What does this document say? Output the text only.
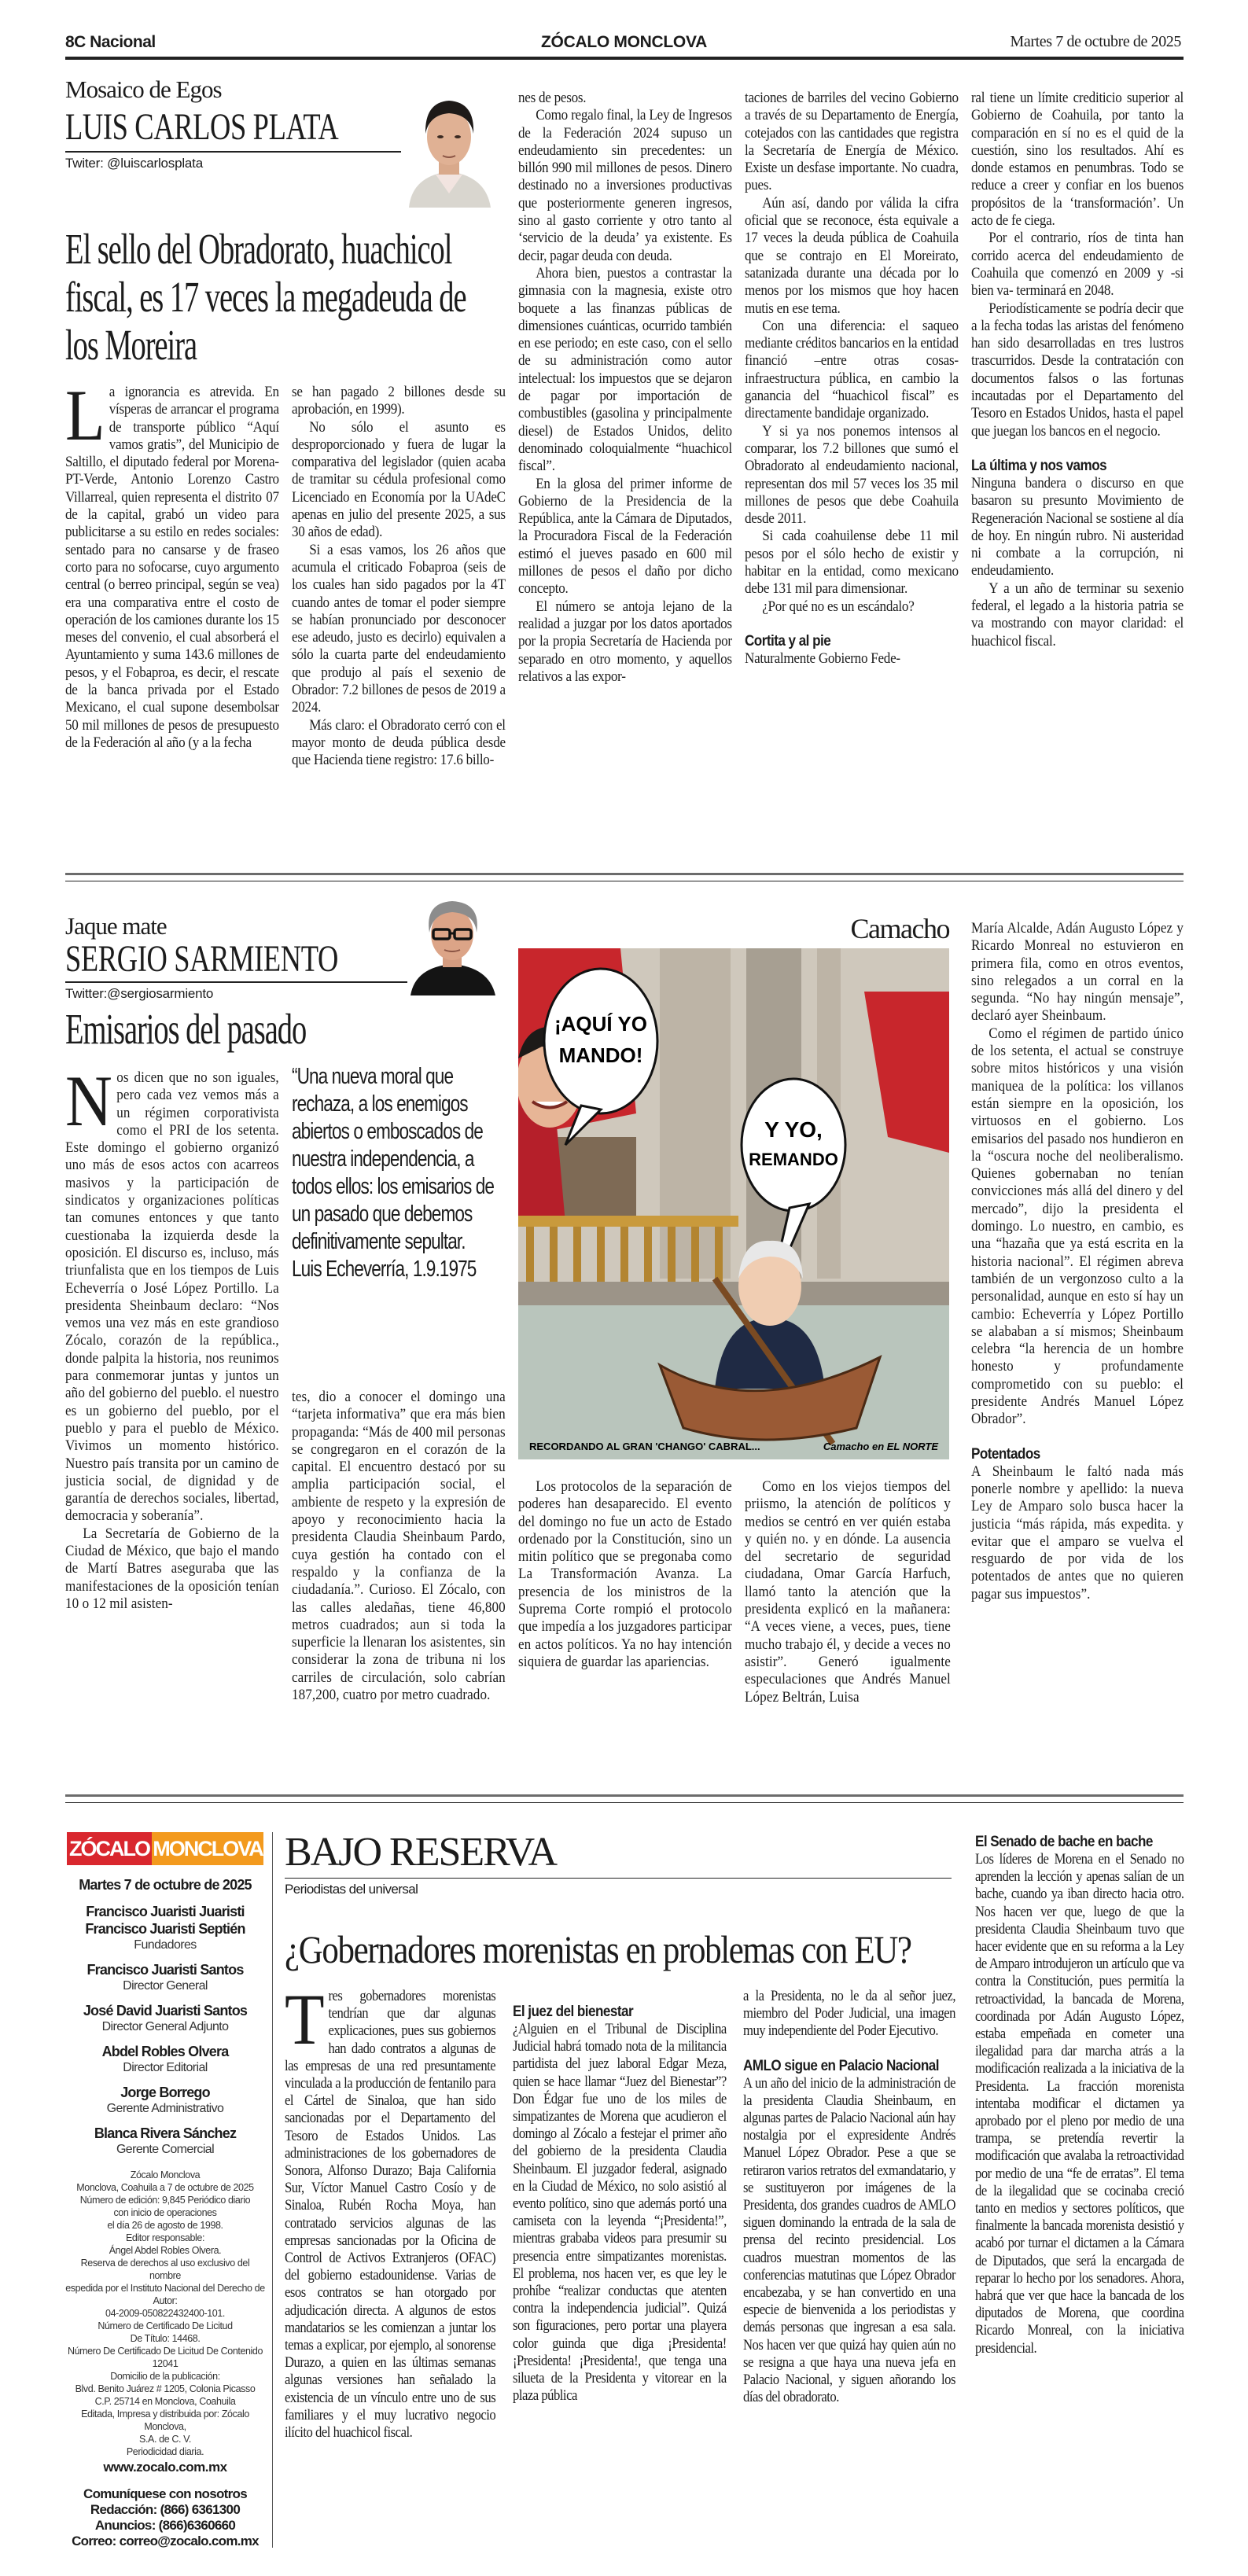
8C Nacional	ZÓCALO MONCLOVA	Martes 7 de octubre de 2025
Mosaico de Egos
LUIS CARLOS PLATA
Twiter: @luiscarlosplata
El sello del Obradorato, huachicol fiscal, es 17 veces la megadeuda de los Moreira

La ignorancia es atrevida. En vísperas de arrancar el programa de transporte público “Aquí vamos gratis”, del Municipio de Saltillo, el diputado federal por Morena-PT-Verde, Antonio Lorenzo Castro Villarreal, quien representa el distrito 07 de la capital, grabó un video para publicitarse a su estilo en redes sociales: sentado para no cansarse y de fraseo corto para no sofocarse, cuyo argumento central (o berreo principal, según se vea) era una comparativa entre el costo de operación de los camiones durante los 15 meses del convenio, el cual absorberá el Ayuntamiento y suma 143.6 millones de pesos, y el Fobaproa, es decir, el rescate de la banca privada por el Estado Mexicano, el cual supone desembolsar 50 mil millones de pesos de presupuesto de la Federación al año (y a la fecha

se han pagado 2 billones desde su aprobación, en 1999).

No sólo el asunto es desproporcionado y fuera de lugar la comparativa del legislador (quien acaba de tramitar su cédula profesional como Licenciado en Economía por la UAdeC apenas en julio del presente 2025, a sus 30 años de edad).

Si a esas vamos, los 26 años que acumula el criticado Fobaproa (seis de los cuales han sido pagados por la 4T cuando antes de tomar el poder siempre se habían pronunciado por desconocer ese adeudo, justo es decirlo) equivalen a sólo la cuarta parte del endeudamiento que produjo al país el sexenio de Obrador: 7.2 billones de pesos de 2019 a 2024.

Más claro: el Obradorato cerró con el mayor monto de deuda pública desde que Hacienda tiene registro: 17.6 billo-

nes de pesos.

Como regalo final, la Ley de Ingresos de la Federación 2024 supuso un endeudamiento sin precedentes: un billón 990 mil millones de pesos. Dinero destinado no a inversiones productivas que posteriormente generen ingresos, sino al gasto corriente y otro tanto al ‘servicio de la deuda’ ya existente. Es decir, pagar deuda con deuda.

Ahora bien, puestos a contrastar la gimnasia con la magnesia, existe otro boquete a las finanzas públicas de dimensiones cuánticas, ocurrido también en ese periodo; en este caso, con el sello de su administración como autor intelectual: los impuestos que se dejaron de pagar por importación de combustibles (gasolina y principalmente diesel) de Estados Unidos, delito denominado coloquialmente “huachicol fiscal”.

En la glosa del primer informe de Gobierno de la Presidencia de la República, ante la Cámara de Diputados, la Procuradora Fiscal de la Federación estimó el jueves pasado en 600 mil millones de pesos el daño por dicho concepto.

El número se antoja lejano de la realidad a juzgar por los datos aportados por la propia Secretaría de Hacienda por separado en otro momento, y aquellos relativos a las expor-

taciones de barriles del vecino Gobierno a través de su Departamento de Energía, cotejados con las cantidades que registra la Secretaría de Energía de México. Existe un desfase importante. No cuadra, pues.

Aún así, dando por válida la cifra oficial que se reconoce, ésta equivale a 17 veces la deuda pública de Coahuila que se contrajo en El Moreirato, satanizada durante una década por lo menos por los mismos que hoy hacen mutis en ese tema.

Con una diferencia: el saqueo mediante créditos bancarios en la entidad financió –entre otras cosas- infraestructura pública, en cambio la ganancia del “huachicol fiscal” es directamente bandidaje organizado.

Y si ya nos ponemos intensos al comparar, los 7.2 billones que sumó el Obradorato al endeudamiento nacional, representan dos mil 57 veces los 35 mil millones de pesos que debe Coahuila desde 2011.

Si cada coahuilense debe 11 mil pesos por el sólo hecho de existir y habitar en la entidad, como mexicano debe 131 mil para dimensionar.

¿Por qué no es un escándalo?

Cortita y al pie

Naturalmente Gobierno Fede-

ral tiene un límite crediticio superior al Gobierno de Coahuila, por tanto la comparación en sí no es el quid de la cuestión, sino los resultados. Ahí es donde estamos en penumbras. Todo se reduce a creer y confiar en los buenos propósitos de la ‘transformación’. Un acto de fe ciega.

Por el contrario, ríos de tinta han corrido acerca del endeudamiento de Coahuila que comenzó en 2009 y -si bien va- terminará en 2048.

Periodísticamente se podría decir que a la fecha todas las aristas del fenómeno han sido desarrolladas en tres lustros trascurridos. Desde la contratación con documentos falsos o las fortunas incautadas por el Departamento del Tesoro en Estados Unidos, hasta el papel que juegan los bancos en el negocio.

La última y nos vamos

Ninguna bandera o discurso en que basaron su presunto Movimiento de Regeneración Nacional se sostiene al día de hoy. En ningún rubro. Ni austeridad ni combate a la corrupción, ni endeudamiento.

Y a un año de terminar su sexenio federal, el legado a la historia patria se va mostrando con mayor claridad: el huachicol fiscal.

Jaque mate
SERGIO SARMIENTO
Twitter:@sergiosarmiento
Emisarios del pasado

Nos dicen que no son iguales, pero cada vez vemos más a un régimen corporativista como el PRI de los setenta. Este domingo el gobierno organizó uno más de esos actos con acarreos masivos y la participación de sindicatos y organizaciones políticas tan comunes entonces y que tanto cuestionaba la izquierda desde la oposición. El discurso es, incluso, más triunfalista que en los tiempos de Luis Echeverría o José López Portillo. La presidenta Sheinbaum declaro: “Nos vemos una vez más en este grandioso Zócalo, corazón de la república., donde palpita la historia, nos reunimos para conmemorar juntas y juntos un año del gobierno del pueblo. el nuestro es un gobierno del pueblo, por el pueblo y para el pueblo de México. Vivimos un momento histórico. Nuestro país transita por un camino de justicia social, de dignidad y de garantía de derechos sociales, libertad, democracia y soberanía”.

La Secretaría de Gobierno de la Ciudad de México, que bajo el mando de Martí Batres aseguraba que las manifestaciones de la oposición tenían 10 o 12 mil asisten-

“Una nueva moral que rechaza, a los enemigos abiertos o emboscados de nuestra independencia, a todos ellos: los emisarios de un pasado que debemos definitivamente sepultar.
Luis Echeverría, 1.9.1975

tes, dio a conocer el domingo una “tarjeta informativa” que era más bien propaganda: “Más de 400 mil personas se congregaron en el corazón de la capital. El encuentro destacó por su amplia participación social, el ambiente de respeto y la expresión de apoyo y reconocimiento hacia la presidenta Claudia Sheinbaum Pardo, cuya gestión ha contado con el respaldo y la confianza de la ciudadanía.”. Curioso. El Zócalo, con las calles aledañas, tiene 46,800 metros cuadrados; aun si toda la superficie la llenaran los asistentes, sin considerar la zona de tribuna ni los carriles de circulación, solo cabrían 187,200, cuatro por metro cuadrado.

Camacho
¡AQUÍ YO
MANDO!
Y YO,
REMANDO
RECORDANDO AL GRAN 'CHANGO' CABRAL...	Camacho en EL NORTE

Los protocolos de la separación de poderes han desaparecido. El evento del domingo no fue un acto de Estado ordenado por la Constitución, sino un mitin político que se pregonaba como La Transformación Avanza. La presencia de los ministros de la Suprema Corte rompió el protocolo que impedía a los juzgadores participar en actos políticos. Ya no hay intención siquiera de guardar las apariencias.

Como en los viejos tiempos del priismo, la atención de políticos y medios se centró en ver quién estaba y quién no. y en dónde. La ausencia del secretario de seguridad ciudadana, Omar García Harfuch, llamó tanto la atención que la presidenta explicó en la mañanera: “A veces viene, a veces, pues, tiene mucho trabajo él, y decide a veces no asistir”. Generó igualmente especulaciones que Andrés Manuel López Beltrán, Luisa

María Alcalde, Adán Augusto López y Ricardo Monreal no estuvieron en primera fila, como en otros eventos, sino relegados a un corral en la segunda. “No hay ningún mensaje”, declaró ayer Sheinbaum.

Como el régimen de partido único de los setenta, el actual se construye sobre mitos históricos y una visión maniquea de la política: los villanos están siempre en la oposición, los virtuosos en el gobierno. Los emisarios del pasado nos hundieron en la “oscura noche del neoliberalismo. Quienes gobernaban no tenían convicciones más allá del dinero y del mercado”, dijo la presidenta el domingo. Lo nuestro, en cambio, es una “hazaña que ya está escrita en la historia nacional”. El régimen abreva también de un vergonzoso culto a la personalidad, aunque en esto sí hay un cambio: Echeverría y López Portillo se alababan a sí mismos; Sheinbaum celebra “la herencia de un hombre honesto y profundamente comprometido con su pueblo: el presidente Andrés Manuel López Obrador”.

Potentados

A Sheinbaum le faltó nada más ponerle nombre y apellido: la nueva Ley de Amparo solo busca hacer la justicia “más rápida, más expedita. y evitar que el amparo se vuelva el resguardo de por vida de los potentados de antes que no quieren pagar sus impuestos”.

ZÓCALO MONCLOVA
Martes 7 de octubre de 2025
Francisco Juaristi Juaristi
Francisco Juaristi Septién
Fundadores
Francisco Juaristi Santos
Director General
José David Juaristi Santos
Director General Adjunto
Abdel Robles Olvera
Director Editorial
Jorge Borrego
Gerente Administrativo
Blanca Rivera Sánchez
Gerente Comercial
Zócalo Monclova
Monclova, Coahuila a 7 de octubre de 2025
Número de edición: 9,845 Periódico diario
con inicio de operaciones
el día 26 de agosto de 1998.
Editor responsable:
Ángel Abdel Robles Olvera.
Reserva de derechos al uso exclusivo del nombre
espedida por el Instituto Nacional del Derecho de
Autor:
04-2009-050822432400-101.
Número de Certificado De Licitud
De Título: 14468.
Número De Certificado De Licitud De Contenido
12041
Domicilio de la publicación:
Blvd. Benito Juárez # 1205, Colonia Picasso
C.P. 25714 en Monclova, Coahuila
Editada, Impresa y distribuida por: Zócalo Monclova,
S.A. de C. V.
Periodicidad diaria.
www.zocalo.com.mx
Comuníquese con nosotros
Redacción: (866) 6361300
Anuncios: (866)6360660
Correo: correo@zocalo.com.mx
BAJO RESERVA
Periodistas del universal
¿Gobernadores morenistas en problemas con EU?

Tres gobernadores morenistas tendrían que dar algunas explicaciones, pues sus gobiernos han dado contratos a algunas de las empresas de una red presuntamente vinculada a la producción de fentanilo para el Cártel de Sinaloa, que han sido sancionadas por el Departamento del Tesoro de Estados Unidos. Las administraciones de los gobernadores de Sonora, Alfonso Durazo; Baja California Sur, Víctor Manuel Castro Cosío y de Sinaloa, Rubén Rocha Moya, han contratado servicios algunas de las empresas sancionadas por la Oficina de Control de Activos Extranjeros (OFAC) del gobierno estadounidense. Varias de esos contratos se han otorgado por adjudicación directa. A algunos de estos mandatarios se les comienzan a juntar los temas a explicar, por ejemplo, al sonorense Durazo, a quien en las últimas semanas algunas versiones han señalado la existencia de un vínculo entre uno de sus familiares y el muy lucrativo negocio ilícito del huachicol fiscal.

El juez del bienestar

¿Alguien en el Tribunal de Disciplina Judicial habrá tomado nota de la militancia partidista del juez laboral Edgar Meza, quien se hace llamar “Juez del Bienestar”? Don Édgar fue uno de los miles de simpatizantes de Morena que acudieron el domingo al Zócalo a festejar el primer año del gobierno de la presidenta Claudia Sheinbaum. El juzgador federal, asignado en la Ciudad de México, no solo asistió al evento político, sino que además portó una camiseta con la leyenda “¡Presidenta!”, mientras grababa videos para presumir su presencia entre simpatizantes morenistas. El problema, nos hacen ver, es que ley le prohíbe “realizar conductas que atenten contra la independencia judicial”. Quizá son figuraciones, pero portar una playera color guinda que diga ¡Presidenta! ¡Presidenta! ¡Presidenta!, que tenga una silueta de la Presidenta y vitorear en la plaza pública

a la Presidenta, no le da al señor juez, miembro del Poder Judicial, una imagen muy independiente del Poder Ejecutivo.

AMLO sigue en Palacio Nacional

A un año del inicio de la administración de la presidenta Claudia Sheinbaum, en algunas partes de Palacio Nacional aún hay nostalgia por el expresidente Andrés Manuel López Obrador. Pese a que se retiraron varios retratos del exmandatario, y se sustituyeron por imágenes de la Presidenta, dos grandes cuadros de AMLO siguen dominando la entrada de la sala de prensa del recinto presidencial. Los cuadros muestran momentos de las conferencias matutinas que López Obrador encabezaba, y se han convertido en una especie de bienvenida a los periodistas y demás personas que ingresan a esa sala. Nos hacen ver que quizá hay quien aún no se resigna a que haya una nueva jefa en Palacio Nacional, y siguen añorando los días del obradorato.

El Senado de bache en bache

Los líderes de Morena en el Senado no aprenden la lección y apenas salían de un bache, cuando ya iban directo hacia otro. Nos hacen ver que, luego de que la presidenta Claudia Sheinbaum tuvo que hacer evidente que en su reforma a la Ley de Amparo introdujeron un artículo que va contra la Constitución, pues permitía la retroactividad, la bancada de Morena, coordinada por Adán Augusto López, estaba empeñada en cometer una ilegalidad para dar marcha atrás a la modificación realizada a la iniciativa de la Presidenta. La fracción morenista intentaba modificar el dictamen ya aprobado por el pleno por medio de una trampa, se pretendía revertir la modificación que avalaba la retroactividad por medio de una “fe de erratas”. El tema de la ilegalidad que se cocinaba creció tanto en medios y sectores políticos, que finalmente la bancada morenista desistió y acabó por turnar el dictamen a la Cámara de Diputados, que será la encargada de reparar lo hecho por los senadores. Ahora, habrá que ver que hace la bancada de los diputados de Morena, que coordina Ricardo Monreal, con la iniciativa presidencial.
